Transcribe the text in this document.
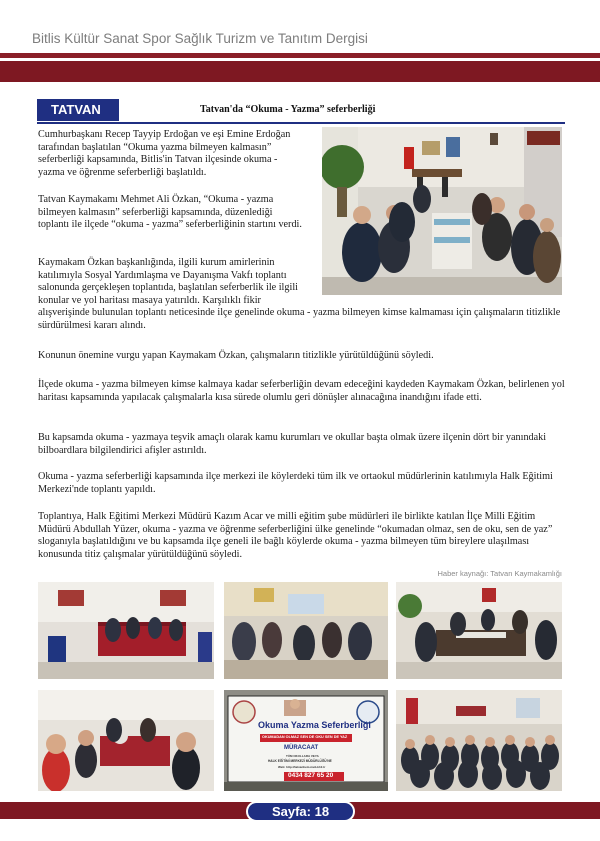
Bitlis Kültür Sanat Spor Sağlık Turizm ve Tanıtım Dergisi
TATVAN	Tatvan'da “Okuma - Yazma” seferberliği
Cumhurbaşkanı Recep Tayyip Erdoğan ve eşi Emine Erdoğan tarafından başlatılan “Okuma yazma bilmeyen kalmasın” seferberliği kapsamında, Bitlis'in Tatvan ilçesinde okuma - yazma ve öğrenme seferberliği başlatıldı.
Tatvan Kaymakamı Mehmet Ali Özkan, “Okuma - yazma bilmeyen kalmasın” seferberliği kapsamında, düzenlediği toplantı ile ilçede “okuma - yazma” seferberliğinin startını verdi.
Kaymakam Özkan başkanlığında, ilgili kurum amirlerinin katılımıyla Sosyal Yardımlaşma ve Dayanışma Vakfı toplantı salonunda gerçekleşen toplantıda, başlatılan seferberlik ile ilgili konular ve yol haritası masaya yatırıldı. Karşılıklı fikir
alışverişinde bulunulan toplantı neticesinde ilçe genelinde okuma - yazma bilmeyen kimse kalmaması için çalışmaların titizlikle sürdürülmesi kararı alındı.
Konunun önemine vurgu yapan Kaymakam Özkan, çalışmaların titizlikle yürütüldüğünü söyledi.
İlçede okuma - yazma bilmeyen kimse kalmaya kadar seferberliğin devam edeceğini kaydeden Kaymakam Özkan, belirlenen yol haritası kapsamında yapılacak çalışmalarla kısa sürede olumlu geri dönüşler alınacağına inandığını ifade etti.
Bu kapsamda okuma - yazmaya teşvik amaçlı olarak kamu kurumları ve okullar başta olmak üzere ilçenin dört bir yanındaki bilboardlara bilgilendirici afişler astırıldı.
Okuma - yazma seferberliği kapsamında ilçe merkezi ile köylerdeki tüm ilk ve ortaokul müdürlerinin katılımıyla Halk Eğitimi Merkezi'nde toplantı yapıldı.
Toplantıya, Halk Eğitimi Merkezi Müdürü Kazım Acar ve milli eğitim şube müdürleri ile birlikte katılan İlçe Milli Eğitim Müdürü Abdullah Yüzer, okuma - yazma ve öğrenme seferberliğini ülke genelinde “okumadan olmaz, sen de oku, sen de yaz” sloganıyla başlatıldığını ve bu kapsamda ilçe geneli ile bağlı köylerde okuma - yazma bilmeyen tüm bireylere ulaşılması konusunda titiz çalışmalar yürütüldüğünü söyledi.
Haber kaynağı: Tatvan Kaymakamlığı
Okuma Yazma Seferberliği
OKUMADAN OLMAZ SEN DE OKU SEN DE YAZ
MÜRACAAT
TÜM OKULLARA VEYA
HALK EĞİTİMİ MERKEZİ MÜDÜRLÜĞÜ'NE
Web: http://tatvanhem.meb.k12.tr
0434 827 65 20
Sayfa: 18
